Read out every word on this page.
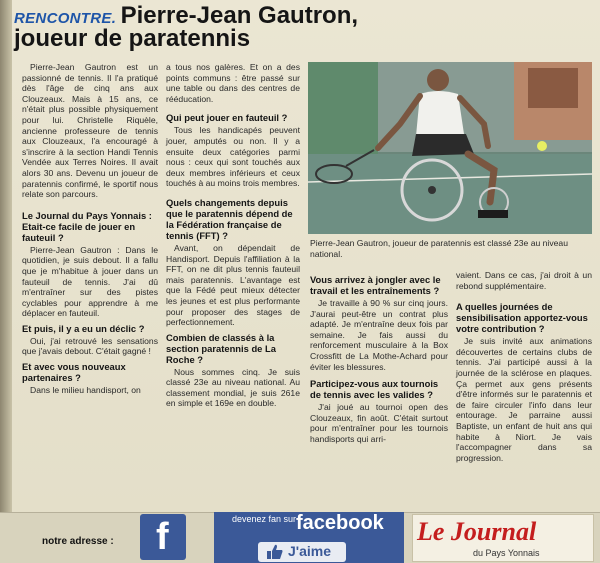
RENCONTRE. Pierre-Jean Gautron,
joueur de paratennis

Pierre-Jean Gautron est un passionné de tennis. Il l'a pratiqué dès l'âge de cinq ans aux Clouzeaux. Mais à 15 ans, ce n'était plus possible physiquement pour lui. Christelle Riquèle, ancienne professeure de tennis aux Clouzeaux, l'a encouragé à s'inscrire à la section Handi Tennis Vendée aux Terres Noires. Il avait alors 30 ans. Devenu un joueur de paratennis confirmé, le sportif nous relate son parcours.

Le Journal du Pays Yonnais : Etait-ce facile de jouer en fauteuil ?

Pierre-Jean Gautron : Dans le quotidien, je suis debout. Il a fallu que je m'habitue à jouer dans un fauteuil de tennis. J'ai dû m'entraîner sur des pistes cyclables pour apprendre à me déplacer en fauteuil.

Et puis, il y a eu un déclic ?

Oui, j'ai retrouvé les sensations que j'avais debout. C'était gagné !

Et avec vous nouveaux partenaires ?

Dans le milieu handisport, on

a tous nos galères. Et on a des points communs : être passé sur une table ou dans des centres de rééducation.

Qui peut jouer en fauteuil ?

Tous les handicapés peuvent jouer, amputés ou non. Il y a ensuite deux catégories parmi nous : ceux qui sont touchés aux deux membres inférieurs et ceux touchés à au moins trois membres.

Quels changements depuis que le paratennis dépend de la Fédération française de tennis (FFT) ?

Avant, on dépendait de Handisport. Depuis l'affiliation à la FFT, on ne dit plus tennis fauteuil mais paratennis. L'avantage est que la Fédé peut mieux détecter les jeunes et est plus performante pour proposer des stages de perfectionnement.

Combien de classés à la section paratennis de La Roche ?

Nous sommes cinq. Je suis classé 23e au niveau national. Au classement mondial, je suis 261e en simple et 169e en double.

Pierre-Jean Gautron, joueur de paratennis est classé 23e au niveau national.
Vous arrivez à jongler avec le travail et les entraînements ?

Je travaille à 90 % sur cinq jours. J'aurai peut-être un contrat plus adapté. Je m'entraîne deux fois par semaine. Je fais aussi du renforcement musculaire à la Box Crossfitt de La Mothe-Achard pour éviter les blessures.

Participez-vous aux tournois de tennis avec les valides ?

J'ai joué au tournoi open des Clouzeaux, fin août. C'était surtout pour m'entraîner pour les tournois handisports qui arri-

vaient. Dans ce cas, j'ai droit à un rebond supplémentaire.

A quelles journées de sensibilisation apportez-vous votre contribution ?

Je suis invité aux animations découvertes de certains clubs de tennis. J'ai participé aussi à la journée de la sclérose en plaques. Ça permet aux gens présents d'être informés sur le paratennis et de faire circuler l'info dans leur entourage. Je parraine aussi Baptiste, un enfant de huit ans qui habite à Niort. Je vais l'accompagner dans sa progression.

notre adresse : f	devenez fan sur facebook
J'aime
Le Journal
du Pays Yonnais
